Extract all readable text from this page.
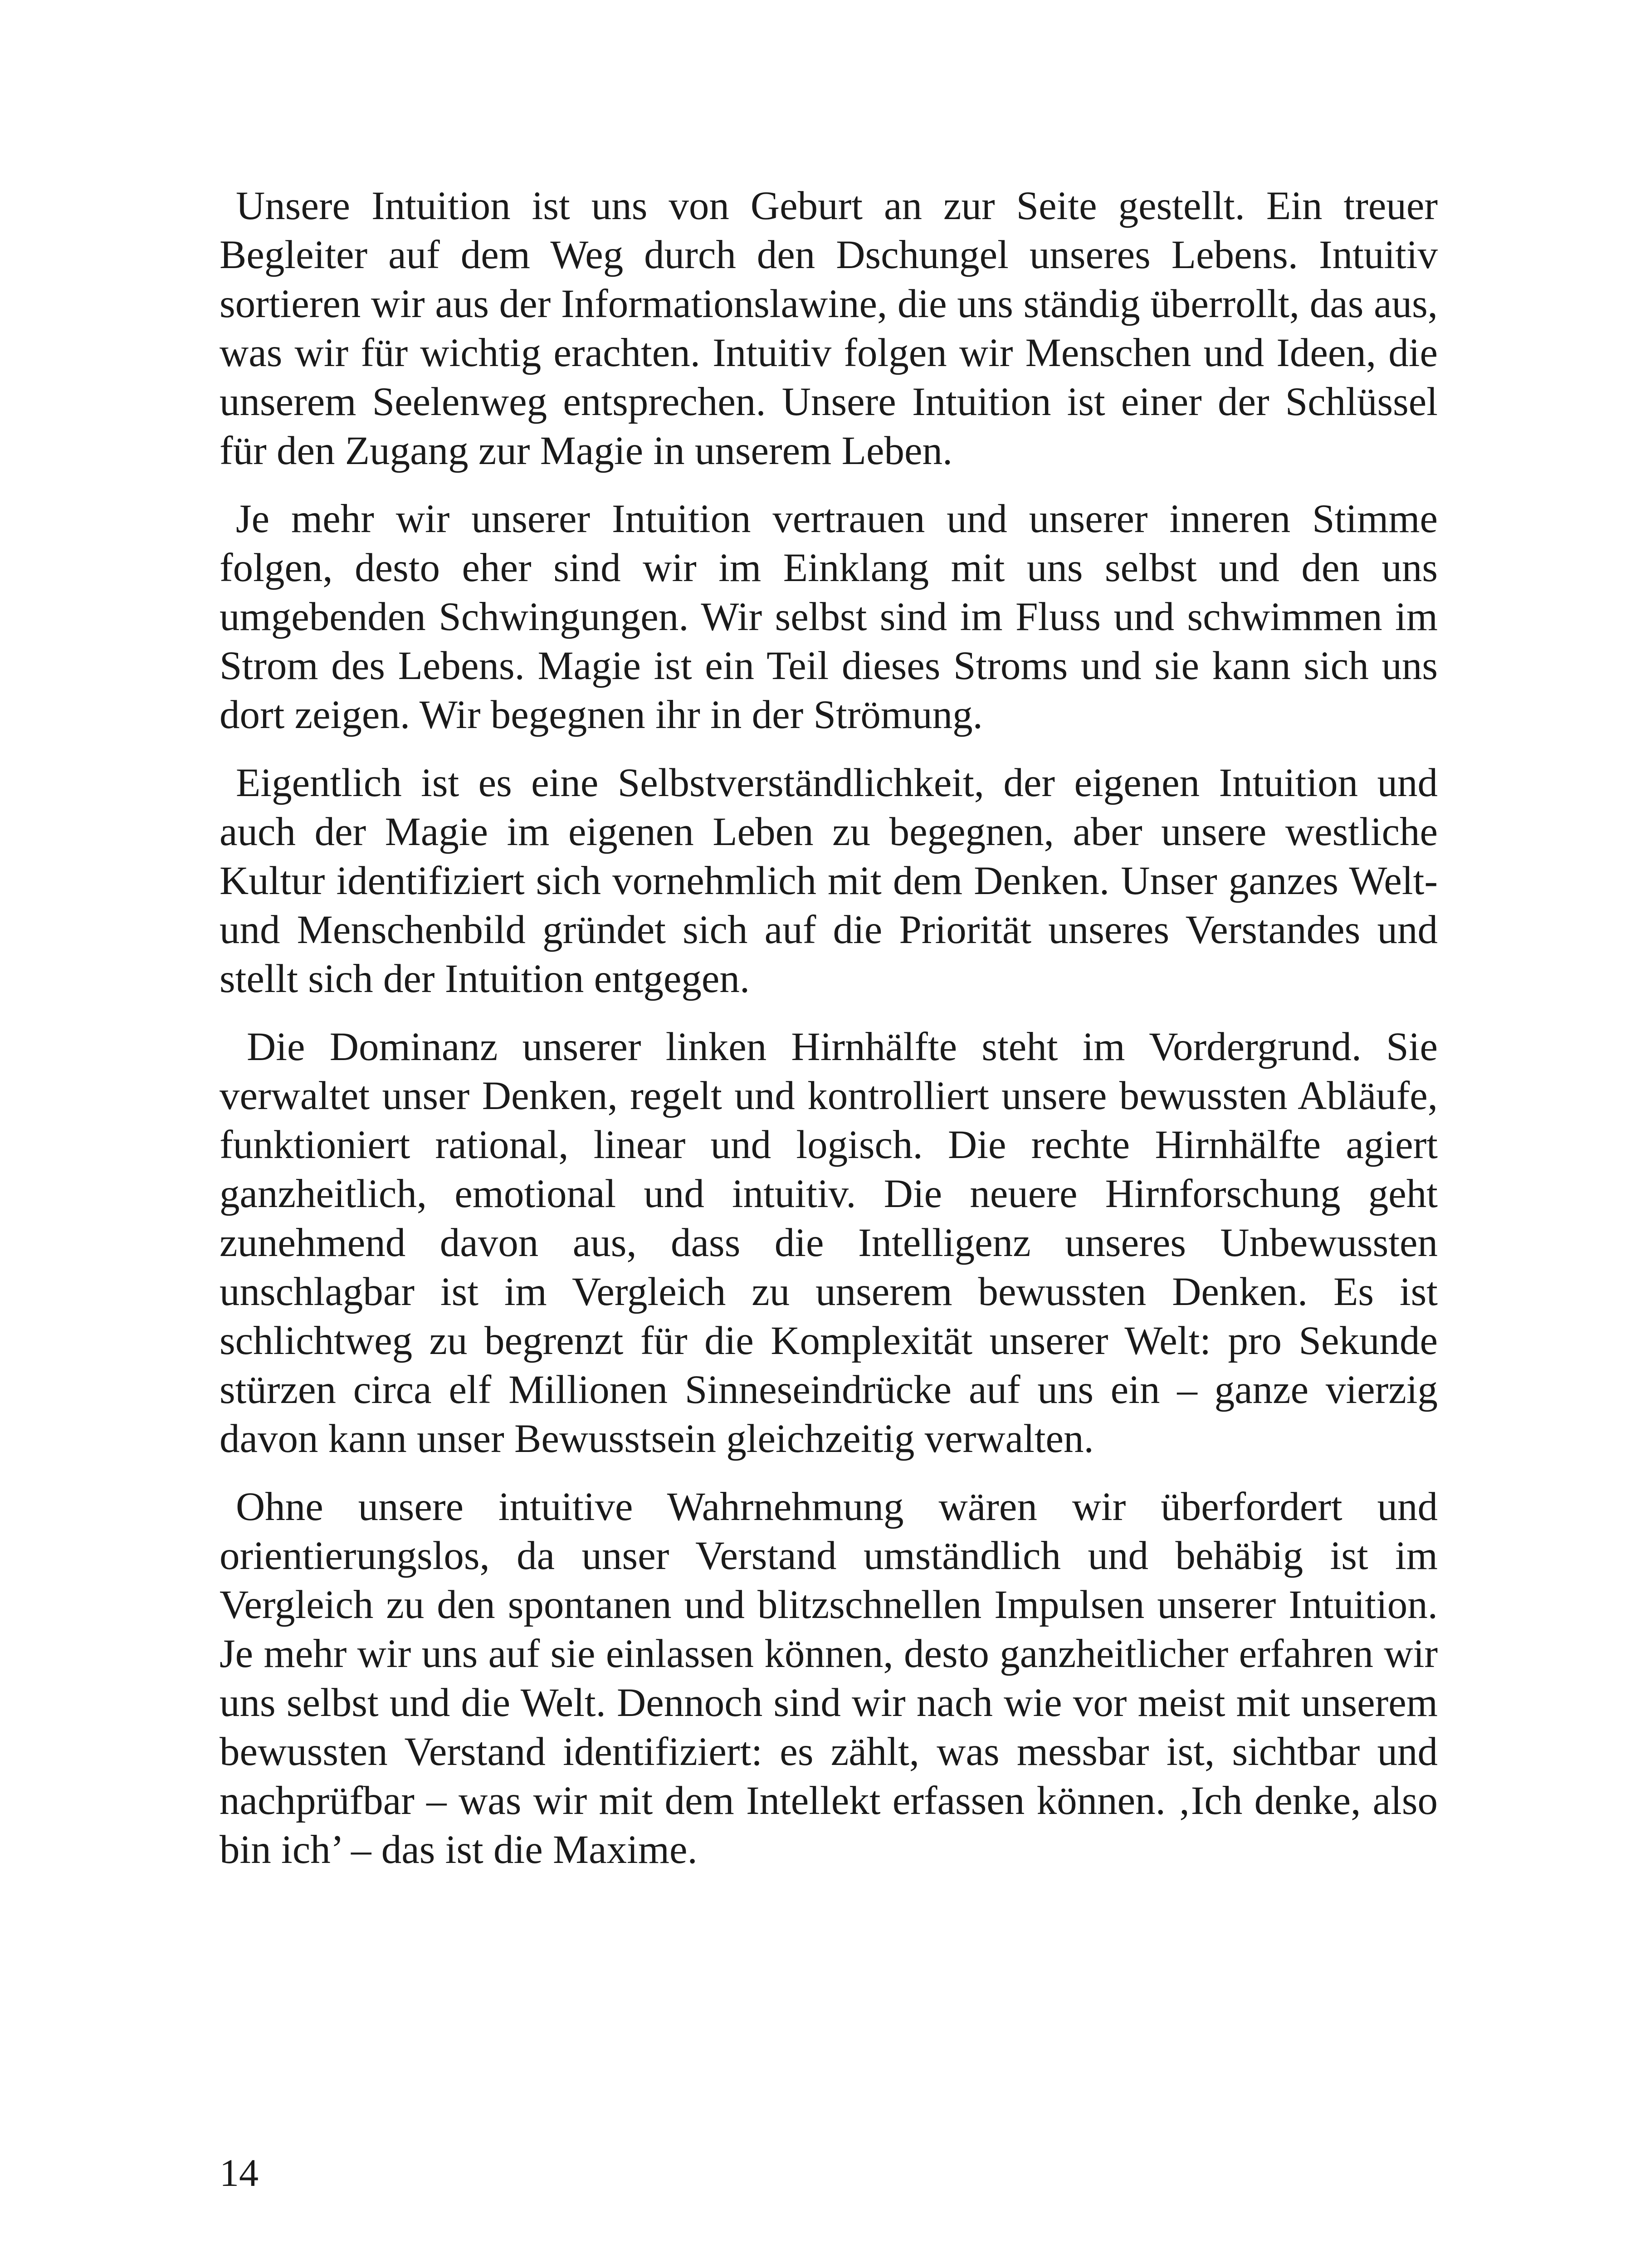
Unsere Intuition ist uns von Geburt an zur Seite gestellt. Ein treuer Begleiter auf dem Weg durch den Dschungel unseres Lebens. Intuitiv sortieren wir aus der Informationslawine, die uns ständig überrollt, das aus, was wir für wichtig erachten. Intuitiv folgen wir Menschen und Ideen, die unserem Seelenweg entsprechen. Unsere Intuition ist einer der Schlüssel für den Zugang zur Magie in unserem Leben.

Je mehr wir unserer Intuition vertrauen und unserer inneren Stimme folgen, desto eher sind wir im Einklang mit uns selbst und den uns umgebenden Schwingungen. Wir selbst sind im Fluss und schwimmen im Strom des Lebens. Magie ist ein Teil dieses Stroms und sie kann sich uns dort zeigen. Wir begegnen ihr in der Strömung.

Eigentlich ist es eine Selbstverständlichkeit, der eigenen Intuition und auch der Magie im eigenen Leben zu begegnen, aber unsere westliche Kultur identifiziert sich vornehmlich mit dem Denken. Unser ganzes Welt- und Menschenbild gründet sich auf die Priorität unseres Verstandes und stellt sich der Intuition entgegen.

Die Dominanz unserer linken Hirnhälfte steht im Vordergrund. Sie verwaltet unser Denken, regelt und kontrolliert unsere bewussten Abläufe, funktioniert rational, linear und logisch. Die rechte Hirnhälfte agiert ganzheitlich, emotional und intuitiv. Die neuere Hirnforschung geht zunehmend davon aus, dass die Intelligenz unseres Unbewussten unschlagbar ist im Vergleich zu unserem bewussten Denken. Es ist schlichtweg zu begrenzt für die Komplexität unserer Welt: pro Sekunde stürzen circa elf Millionen Sinneseindrücke auf uns ein – ganze vierzig davon kann unser Bewusstsein gleichzeitig verwalten.

Ohne unsere intuitive Wahrnehmung wären wir überfordert und orientierungslos, da unser Verstand umständlich und behäbig ist im Vergleich zu den spontanen und blitzschnellen Impulsen unserer Intuition. Je mehr wir uns auf sie einlassen können, desto ganzheitlicher erfahren wir uns selbst und die Welt. Dennoch sind wir nach wie vor meist mit unserem bewussten Verstand identifiziert: es zählt, was messbar ist, sichtbar und nachprüfbar – was wir mit dem Intellekt erfassen können. ‚Ich denke, also bin ich’ – das ist die Maxime.

14
